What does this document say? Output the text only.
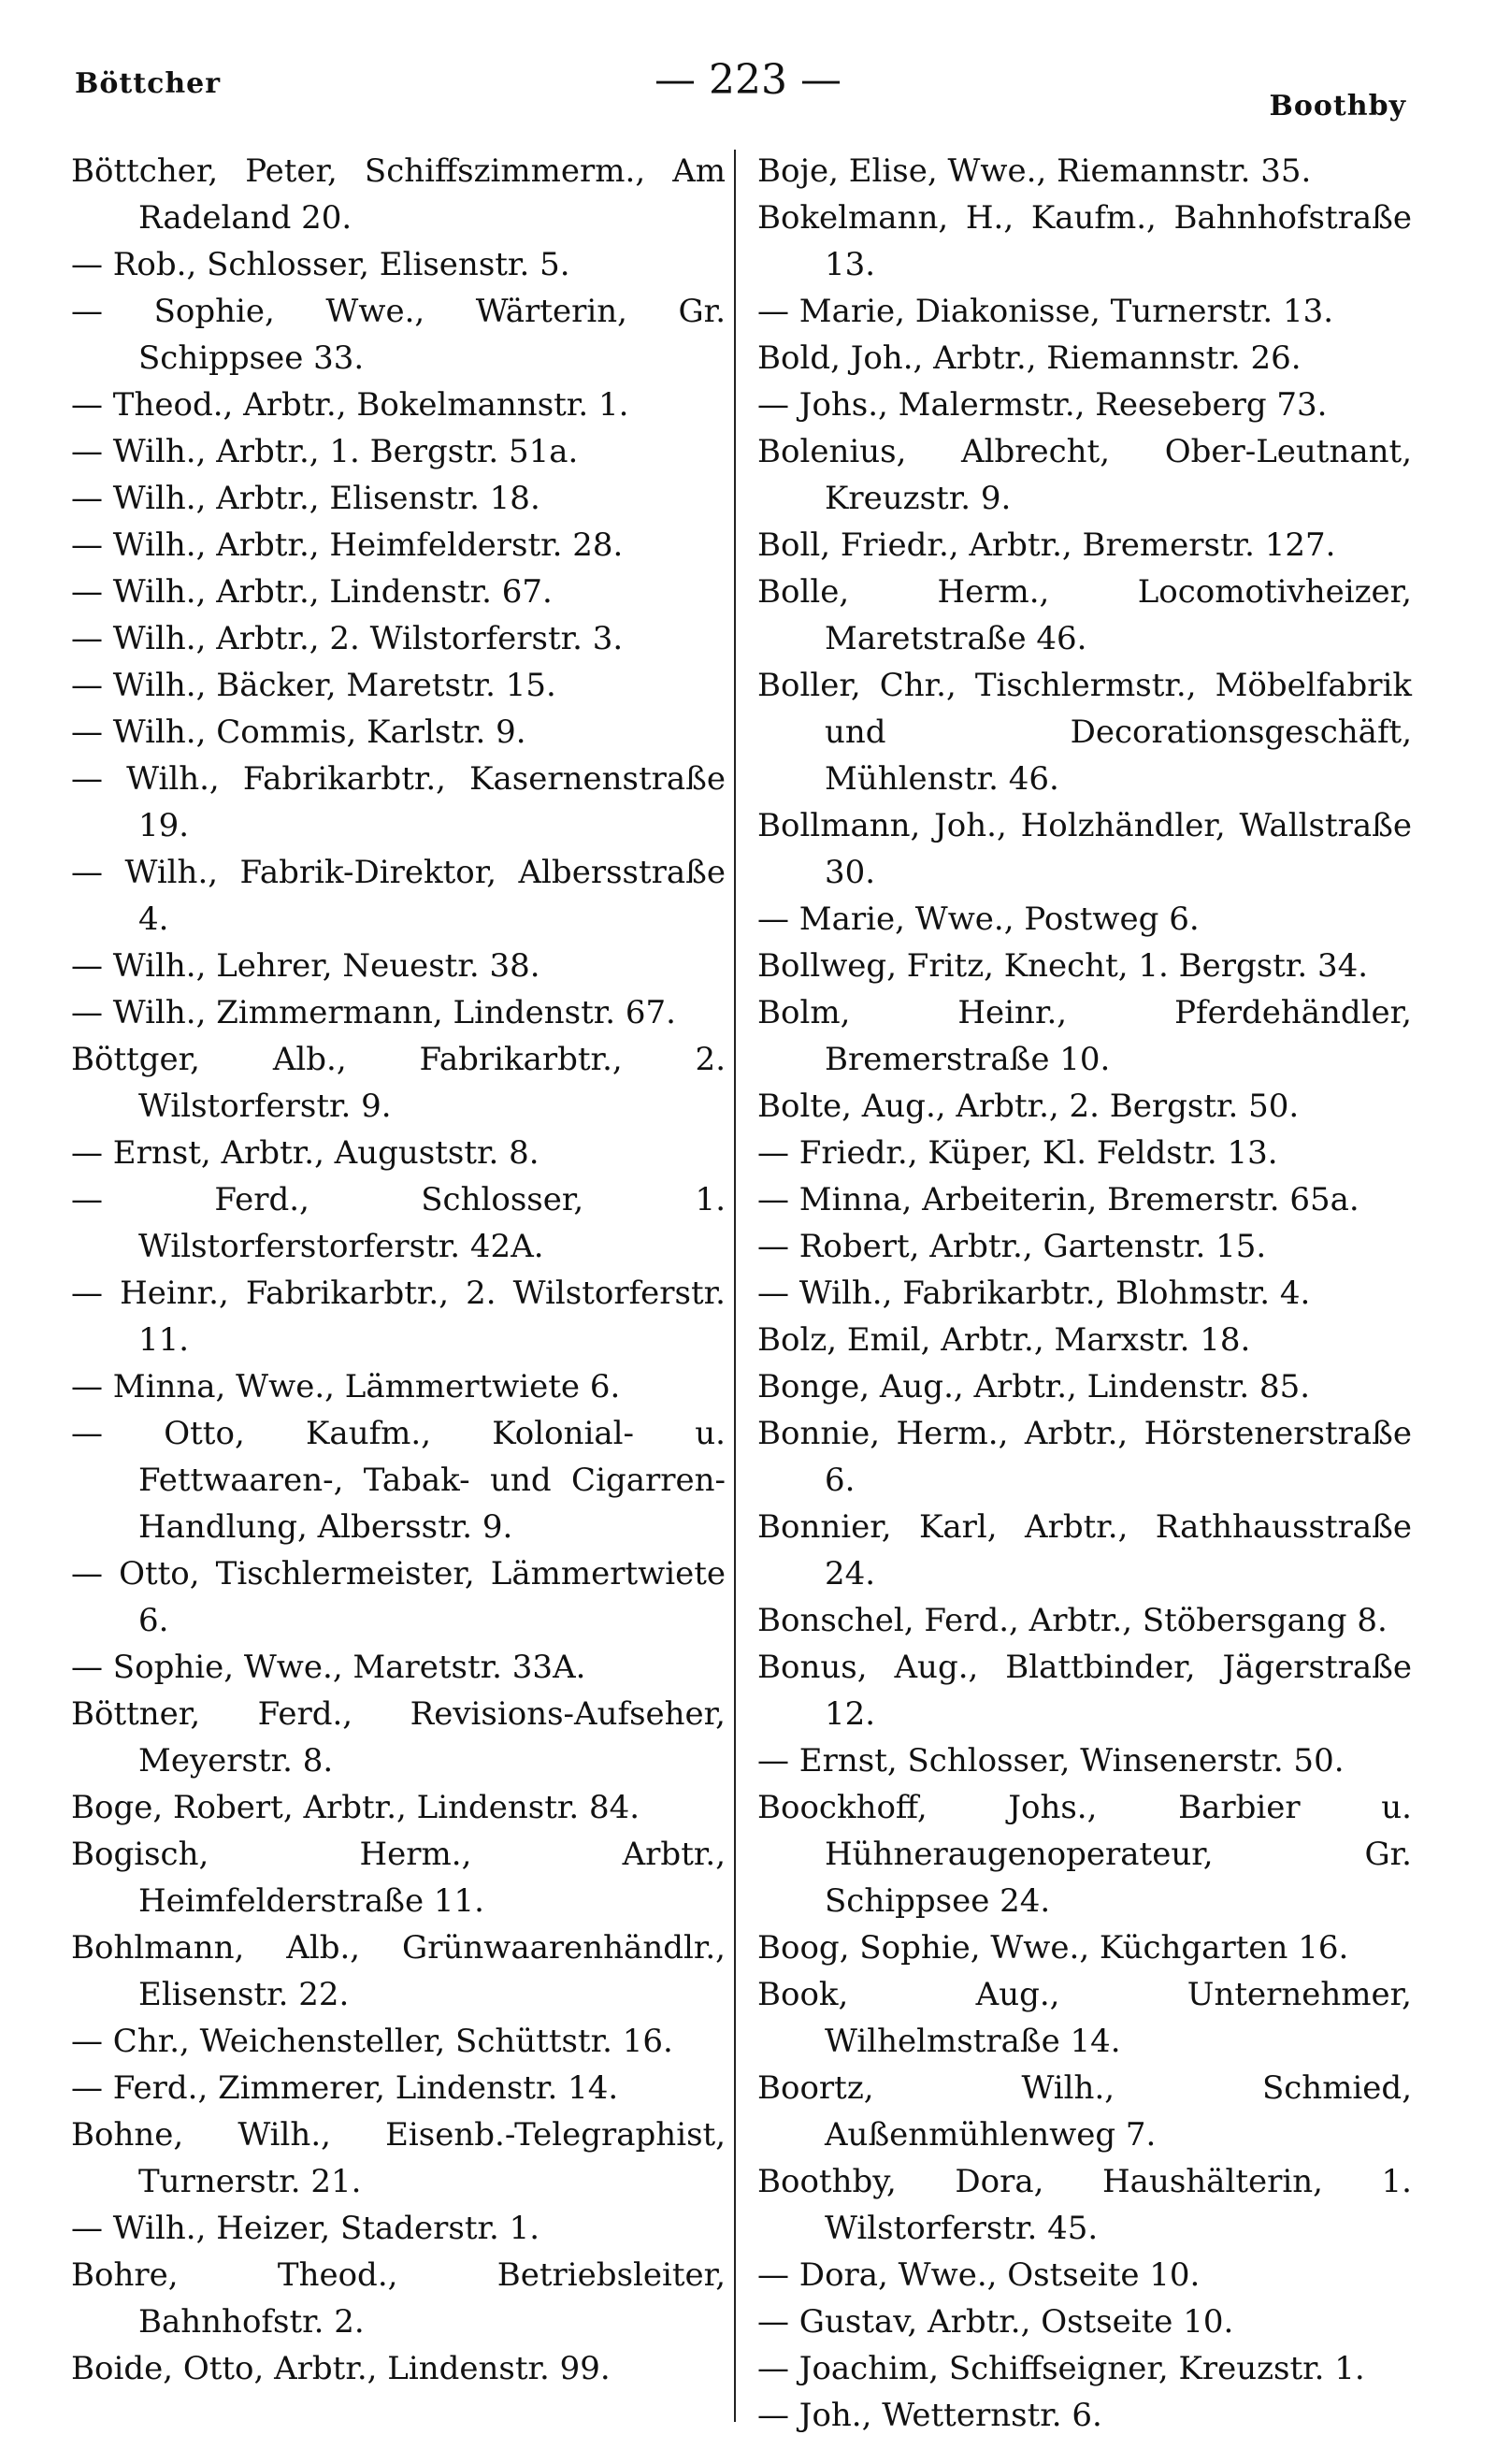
Böttcher	— 223 —
Boothby
Böttcher, Peter, Schiffszimmerm., Am Radeland 20.
— Rob., Schlosser, Elisenstr. 5.
— Sophie, Wwe., Wärterin, Gr. Schippsee 33.
— Theod., Arbtr., Bokelmannstr. 1.
— Wilh., Arbtr., 1. Bergstr. 51a.
— Wilh., Arbtr., Elisenstr. 18.
— Wilh., Arbtr., Heimfelderstr. 28.
— Wilh., Arbtr., Lindenstr. 67.
— Wilh., Arbtr., 2. Wilstorferstr. 3.
— Wilh., Bäcker, Maretstr. 15.
— Wilh., Commis, Karlstr. 9.
— Wilh., Fabrikarbtr., Kasernenstraße 19.
— Wilh., Fabrik-Direktor, Albersstraße 4.
— Wilh., Lehrer, Neuestr. 38.
— Wilh., Zimmermann, Lindenstr. 67.
Böttger, Alb., Fabrikarbtr., 2. Wilstorferstr. 9.
— Ernst, Arbtr., Auguststr. 8.
— Ferd., Schlosser, 1. Wilstorferstorferstr. 42A.
— Heinr., Fabrikarbtr., 2. Wilstorferstr. 11.
— Minna, Wwe., Lämmertwiete 6.
— Otto, Kaufm., Kolonial- u. Fettwaaren-, Tabak- und Cigarren-Handlung, Albersstr. 9.
— Otto, Tischlermeister, Lämmertwiete 6.
— Sophie, Wwe., Maretstr. 33A.
Böttner, Ferd., Revisions-Aufseher, Meyerstr. 8.
Boge, Robert, Arbtr., Lindenstr. 84.
Bogisch, Herm., Arbtr., Heimfelderstraße 11.
Bohlmann, Alb., Grünwaarenhändlr., Elisenstr. 22.
— Chr., Weichensteller, Schüttstr. 16.
— Ferd., Zimmerer, Lindenstr. 14.
Bohne, Wilh., Eisenb.-Telegraphist, Turnerstr. 21.
— Wilh., Heizer, Staderstr. 1.
Bohre, Theod., Betriebsleiter, Bahnhofstr. 2.
Boide, Otto, Arbtr., Lindenstr. 99.
Boje, Elise, Wwe., Riemannstr. 35.
Bokelmann, H., Kaufm., Bahnhofstraße 13.
— Marie, Diakonisse, Turnerstr. 13.
Bold, Joh., Arbtr., Riemannstr. 26.
— Johs., Malermstr., Reeseberg 73.
Bolenius, Albrecht, Ober-Leutnant, Kreuzstr. 9.
Boll, Friedr., Arbtr., Bremerstr. 127.
Bolle, Herm., Locomotivheizer, Maretstraße 46.
Boller, Chr., Tischlermstr., Möbelfabrik und Decorationsgeschäft, Mühlenstr. 46.
Bollmann, Joh., Holzhändler, Wallstraße 30.
— Marie, Wwe., Postweg 6.
Bollweg, Fritz, Knecht, 1. Bergstr. 34.
Bolm, Heinr., Pferdehändler, Bremerstraße 10.
Bolte, Aug., Arbtr., 2. Bergstr. 50.
— Friedr., Küper, Kl. Feldstr. 13.
— Minna, Arbeiterin, Bremerstr. 65a.
— Robert, Arbtr., Gartenstr. 15.
— Wilh., Fabrikarbtr., Blohmstr. 4.
Bolz, Emil, Arbtr., Marxstr. 18.
Bonge, Aug., Arbtr., Lindenstr. 85.
Bonnie, Herm., Arbtr., Hörstenerstraße 6.
Bonnier, Karl, Arbtr., Rathhausstraße 24.
Bonschel, Ferd., Arbtr., Stöbersgang 8.
Bonus, Aug., Blattbinder, Jägerstraße 12.
— Ernst, Schlosser, Winsenerstr. 50.
Boockhoff, Johs., Barbier u. Hühneraugenoperateur, Gr. Schippsee 24.
Boog, Sophie, Wwe., Küchgarten 16.
Book, Aug., Unternehmer, Wilhelmstraße 14.
Boortz, Wilh., Schmied, Außenmühlenweg 7.
Boothby, Dora, Haushälterin, 1. Wilstorferstr. 45.
— Dora, Wwe., Ostseite 10.
— Gustav, Arbtr., Ostseite 10.
— Joachim, Schiffseigner, Kreuzstr. 1.
— Joh., Wetternstr. 6.
